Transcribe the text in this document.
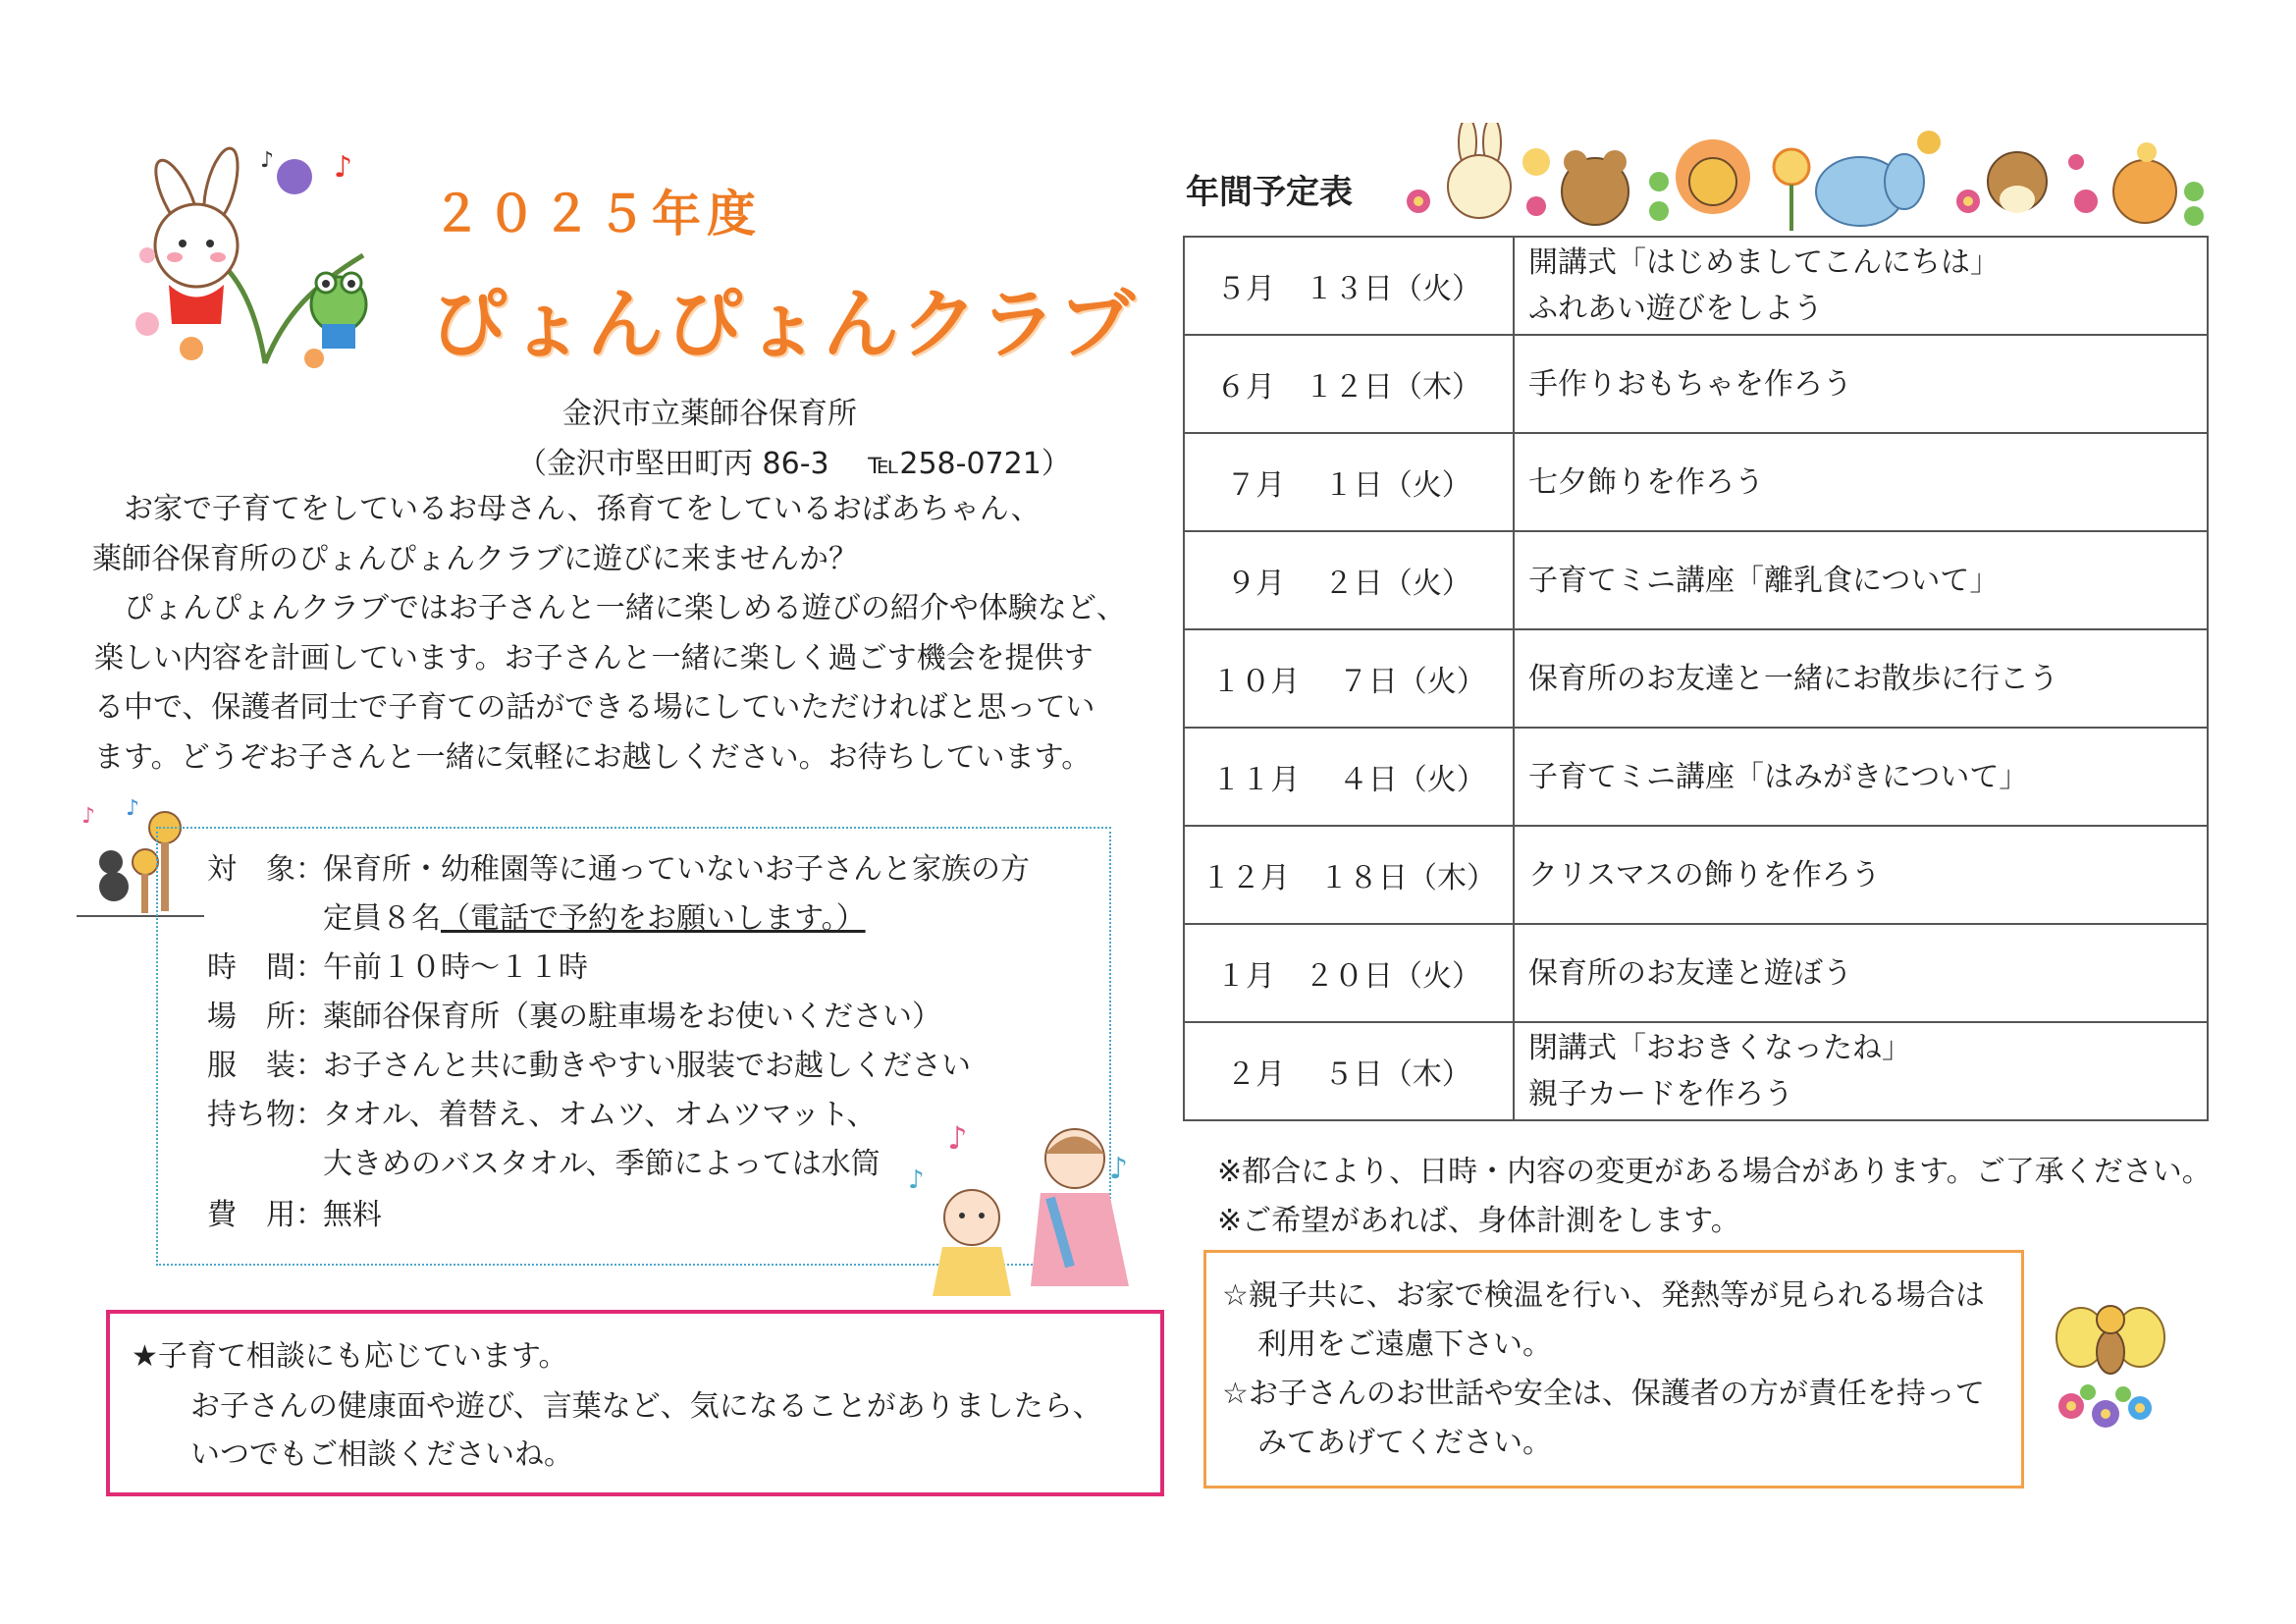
♪
♪
２０２５年度
ぴょんぴょんクラブ
金沢市立薬師谷保育所
（金沢市堅田町丙 86-3　 ℡258-0721）

　お家で子育てをしているお母さん、孫育てをしているおばあちゃん、

薬師谷保育所のぴょんぴょんクラブに遊びに来ませんか？

　ぴょんぴょんクラブではお子さんと一緒に楽しめる遊びの紹介や体験など、

楽しい内容を計画しています。お子さんと一緒に楽しく過ごす機会を提供す

る中で、保護者同士で子育ての話ができる場にしていただければと思ってい

ます。どうぞお子さんと一緒に気軽にお越しください。お待ちしています。

♪ ♪
対　象：保育所・幼稚園等に通っていないお子さんと家族の方
定員８名（電話で予約をお願いします。）
時　間：午前１０時～１１時
場　所：薬師谷保育所（裏の駐車場をお使いください）
服　装：お子さんと共に動きやすい服装でお越しください
持ち物：タオル、着替え、オムツ、オムツマット、
大きめのバスタオル、季節によっては水筒
費　用：無料
♪
♪	♪
★子育て相談にも応じています。
お子さんの健康面や遊び、言葉など、気になることがありましたら、
いつでもご相談くださいね。
年間予定表
５月　１３日（火）	開講式「はじめましてこんにちは」
ふれあい遊びをしよう

６月　１２日（木）	手作りおもちゃを作ろう

７月　 １日（火）	七夕飾りを作ろう

９月　 ２日（火）	子育てミニ講座「離乳食について」

１０月　 ７日（火）	保育所のお友達と一緒にお散歩に行こう

１１月　 ４日（火）	子育てミニ講座「はみがきについて」

１２月　１８日（木）	クリスマスの飾りを作ろう

１月　２０日（火）	保育所のお友達と遊ぼう

２月　 ５日（木）	閉講式「おおきくなったね」
親子カードを作ろう
※都合により、日時・内容の変更がある場合があります。ご了承ください。
※ご希望があれば、身体計測をします。
☆親子共に、お家で検温を行い、発熱等が見られる場合は
利用をご遠慮下さい。
☆お子さんのお世話や安全は、保護者の方が責任を持って
みてあげてください。
